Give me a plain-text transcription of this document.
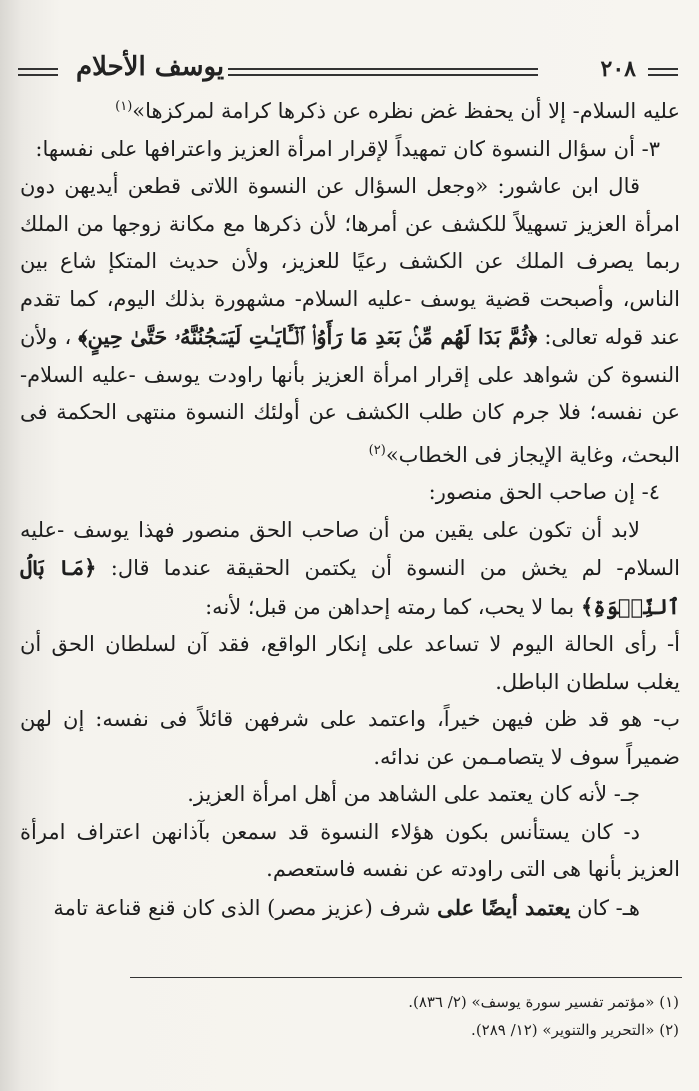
يوسف الأحلام	٢٠٨

عليه السلام- إلا أن يحفظ غض نظره عن ذكرها كرامة لمركزها»$^{(١)}$

٣- أن سؤال النسوة كان تمهيداً لإقرار امرأة العزيز واعترافها على نفسها:

قال ابن عاشور: «وجعل السؤال عن النسوة اللاتى قطعن أيديهن دون امرأة العزيز تسهيلاً للكشف عن أمرها؛ لأن ذكرها مع مكانة زوجها من الملك ربما يصرف الملك عن الكشف رعيًا للعزيز، ولأن حديث المتكإ شاع بين الناس، وأصبحت قضية يوسف -عليه السلام- مشهورة بذلك اليوم، كما تقدم عند قوله تعالى: ﴿ثُمَّ بَدَا لَهُم مِّنۢ بَعۡدِ مَا رَأَوُا۟ ٱلۡـَٔايَـٰتِ لَيَسۡجُنُنَّهُۥ حَتَّىٰ حِينٍ﴾ ، ولأن النسوة كن شواهد على إقرار امرأة العزيز بأنها راودت يوسف -عليه السلام- عن نفسه؛ فلا جرم كان طلب الكشف عن أولئك النسوة منتهى الحكمة فى البحث، وغاية الإيجاز فى الخطاب»$^{(٢)}$

٤- إن صاحب الحق منصور:

لابد أن تكون على يقين من أن صاحب الحق منصور فهذا يوسف -عليه السلام- لم يخش من النسوة أن يكتمن الحقيقة عندما قال: ﴿مَا بَالُ ٱلنِّسۡوَةِ﴾ بما لا يحب، كما رمته إحداهن من قبل؛ لأنه:

أ- رأى الحالة اليوم لا تساعد على إنكار الواقع، فقد آن لسلطان الحق أن يغلب سلطان الباطل.

ب- هو قد ظن فيهن خيراً، واعتمد على شرفهن قائلاً فى نفسه: إن لهن ضميراً سوف لا يتصامـمن عن ندائه.

جـ- لأنه كان يعتمد على الشاهد من أهل امرأة العزيز.

د- كان يستأنس بكون هؤلاء النسوة قد سمعن بآذانهن اعتراف امرأة العزيز بأنها هى التى راودته عن نفسه فاستعصم.

هـ- كان يعتمد أيضًا على شرف (عزيز مصر) الذى كان قنع قناعة تامة

(١) «مؤتمر تفسير سورة يوسف» (٢/ ٨٣٦).
(٢) «التحرير والتنوير» (١٢/ ٢٨٩).
